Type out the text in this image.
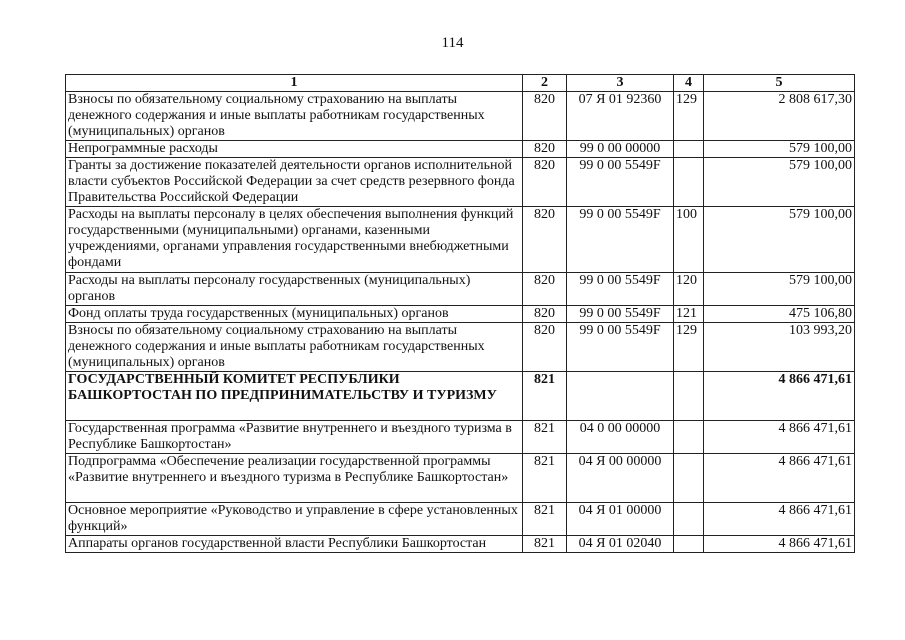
114
1	2	3	4	5
Взносы по обязательному социальному страхованию на выплаты денежного содержания и иные выплаты работникам государственных (муниципальных) органов	820	07 Я 01 92360	129	2 808 617,30
Непрограммные расходы	820	99 0 00 00000		579 100,00
Гранты за достижение показателей деятельности органов исполнительной власти субъектов Российской Федерации за счет средств резервного фонда Правительства Российской Федерации	820	99 0 00 5549F		579 100,00
Расходы на выплаты персоналу в целях обеспечения выполнения функций государственными (муниципальными) органами, казенными учреждениями, органами управления государственными внебюджетными фондами	820	99 0 00 5549F	100	579 100,00
Расходы на выплаты персоналу государственных (муниципальных) органов	820	99 0 00 5549F	120	579 100,00
Фонд оплаты труда государственных (муниципальных) органов	820	99 0 00 5549F	121	475 106,80
Взносы по обязательному социальному страхованию на выплаты денежного содержания и иные выплаты работникам государственных (муниципальных) органов	820	99 0 00 5549F	129	103 993,20
ГОСУДАРСТВЕННЫЙ КОМИТЕТ РЕСПУБЛИКИ БАШКОРТОСТАН ПО ПРЕДПРИНИМАТЕЛЬСТВУ И ТУРИЗМУ	821			4 866 471,61
Государственная программа «Развитие внутреннего и въездного туризма в Республике Башкортостан»	821	04 0 00 00000		4 866 471,61
Подпрограмма «Обеспечение реализации государственной программы «Развитие внутреннего и въездного туризма в Республике Башкортостан»	821	04 Я 00 00000		4 866 471,61
Основное мероприятие «Руководство и управление в сфере установленных функций»	821	04 Я 01 00000		4 866 471,61
Аппараты органов государственной власти Республики Башкортостан	821	04 Я 01 02040		4 866 471,61
